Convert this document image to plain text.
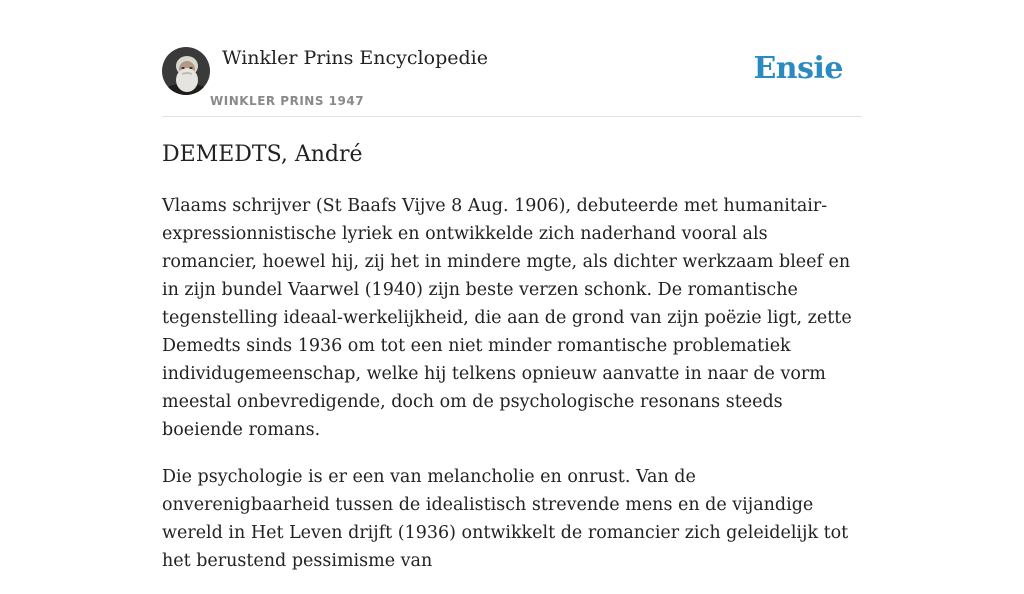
Winkler Prins Encyclopedie
WINKLER PRINS 1947
Ensie
DEMEDTS, André

Vlaams schrijver (St Baafs Vijve 8 Aug. 1906), debuteerde met humanitair-expressionnistische lyriek en ontwikkelde zich naderhand vooral als romancier, hoewel hij, zij het in mindere mgte, als dichter werkzaam bleef en in zijn bundel Vaarwel (1940) zijn beste verzen schonk. De romantische tegenstelling ideaal-werkelijkheid, die aan de grond van zijn poëzie ligt, zette Demedts sinds 1936 om tot een niet minder romantische problematiek individugemeenschap, welke hij telkens opnieuw aanvatte in naar de vorm meestal onbevredigende, doch om de psychologische resonans steeds boeiende romans.

Die psychologie is er een van melancholie en onrust. Van de onverenigbaarheid tussen de idealistisch strevende mens en de vijandige wereld in Het Leven drijft (1936) ontwikkelt de romancier zich geleidelijk tot het berustend pessimisme van
